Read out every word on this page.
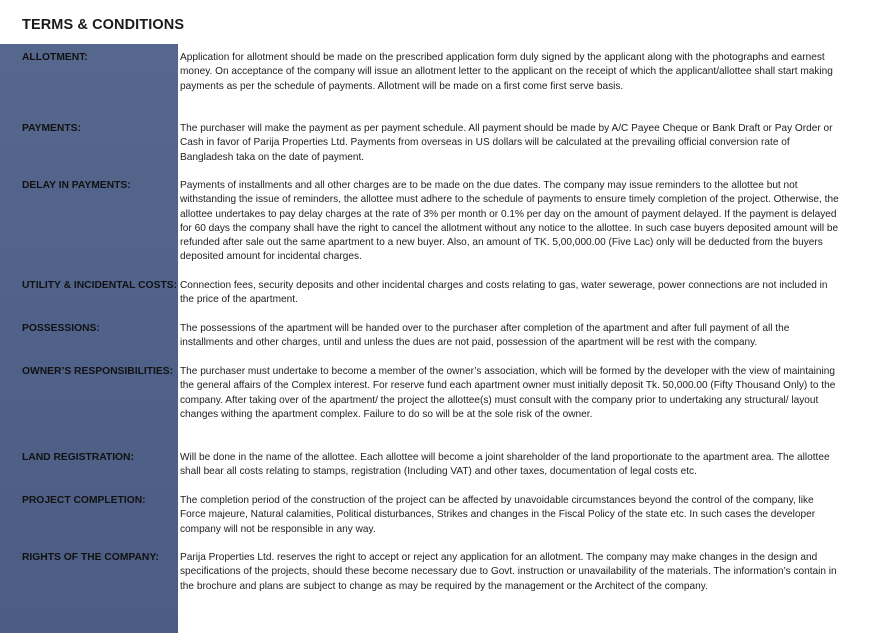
TERMS & CONDITIONS
ALLOTMENT:	Application for allotment should be made on the prescribed application form duly signed by the applicant along with the photographs and earnest money. On acceptance of the company will issue an allotment letter to the applicant on the receipt of which the applicant/allottee shall start making payments as per the schedule of payments. Allotment will be made on a first come first serve basis.
PAYMENTS:	The purchaser will make the payment as per payment schedule. All payment should be made by A/C Payee Cheque or Bank Draft or Pay Order or Cash in favor of Parija Properties Ltd. Payments from overseas in US dollars will be calculated at the prevailing official conversion rate of Bangladesh taka on the date of payment.
DELAY IN PAYMENTS:	Payments of installments and all other charges are to be made on the due dates. The company may issue reminders to the allottee but not withstanding the issue of reminders, the allottee must adhere to the schedule of payments to ensure timely completion of the project. Otherwise, the allottee undertakes to pay delay charges at the rate of 3% per month or 0.1% per day on the amount of payment delayed. If the payment is delayed for 60 days the company shall have the right to cancel the allotment without any notice to the allottee. In such case buyers deposited amount will be refunded after sale out the same apartment to a new buyer. Also, an amount of TK. 5,00,000.00 (Five Lac) only will be deducted from the buyers deposited amount for incidental charges.
UTILITY & INCIDENTAL COSTS: Connection fees, security deposits and other incidental charges and costs relating to gas, water sewerage, power connections are not included in the price of the apartment.
POSSESSIONS:	The possessions of the apartment will be handed over to the purchaser after completion of the apartment and after full payment of all the installments and other charges, until and unless the dues are not paid, possession of the apartment will be rest with the company.
OWNER’S RESPONSIBILITIES: The purchaser must undertake to become a member of the owner’s association, which will be formed by the developer with the view of maintaining the general affairs of the Complex interest. For reserve fund each apartment owner must initially deposit Tk. 50,000.00 (Fifty Thousand Only) to the company. After taking over of the apartment/ the project the allottee(s) must consult with the company prior to undertaking any structural/ layout changes withing the apartment complex. Failure to do so will be at the sole risk of the owner.
LAND REGISTRATION:	Will be done in the name of the allottee. Each allottee will become a joint shareholder of the land proportionate to the apartment area. The allottee shall bear all costs relating to stamps, registration (Including VAT) and other taxes, documentation of legal costs etc.
PROJECT COMPLETION:	The completion period of the construction of the project can be affected by unavoidable circumstances beyond the control of the company, like Force majeure, Natural calamities, Political disturbances, Strikes and changes in the Fiscal Policy of the state etc. In such cases the developer company will not be responsible in any way.
RIGHTS OF THE COMPANY:	Parija Properties Ltd. reserves the right to accept or reject any application for an allotment. The company may make changes in the design and specifications of the projects, should these become necessary due to Govt. instruction or unavailability of the materials. The information’s contain in the brochure and plans are subject to change as may be required by the management or the Architect of the company.
